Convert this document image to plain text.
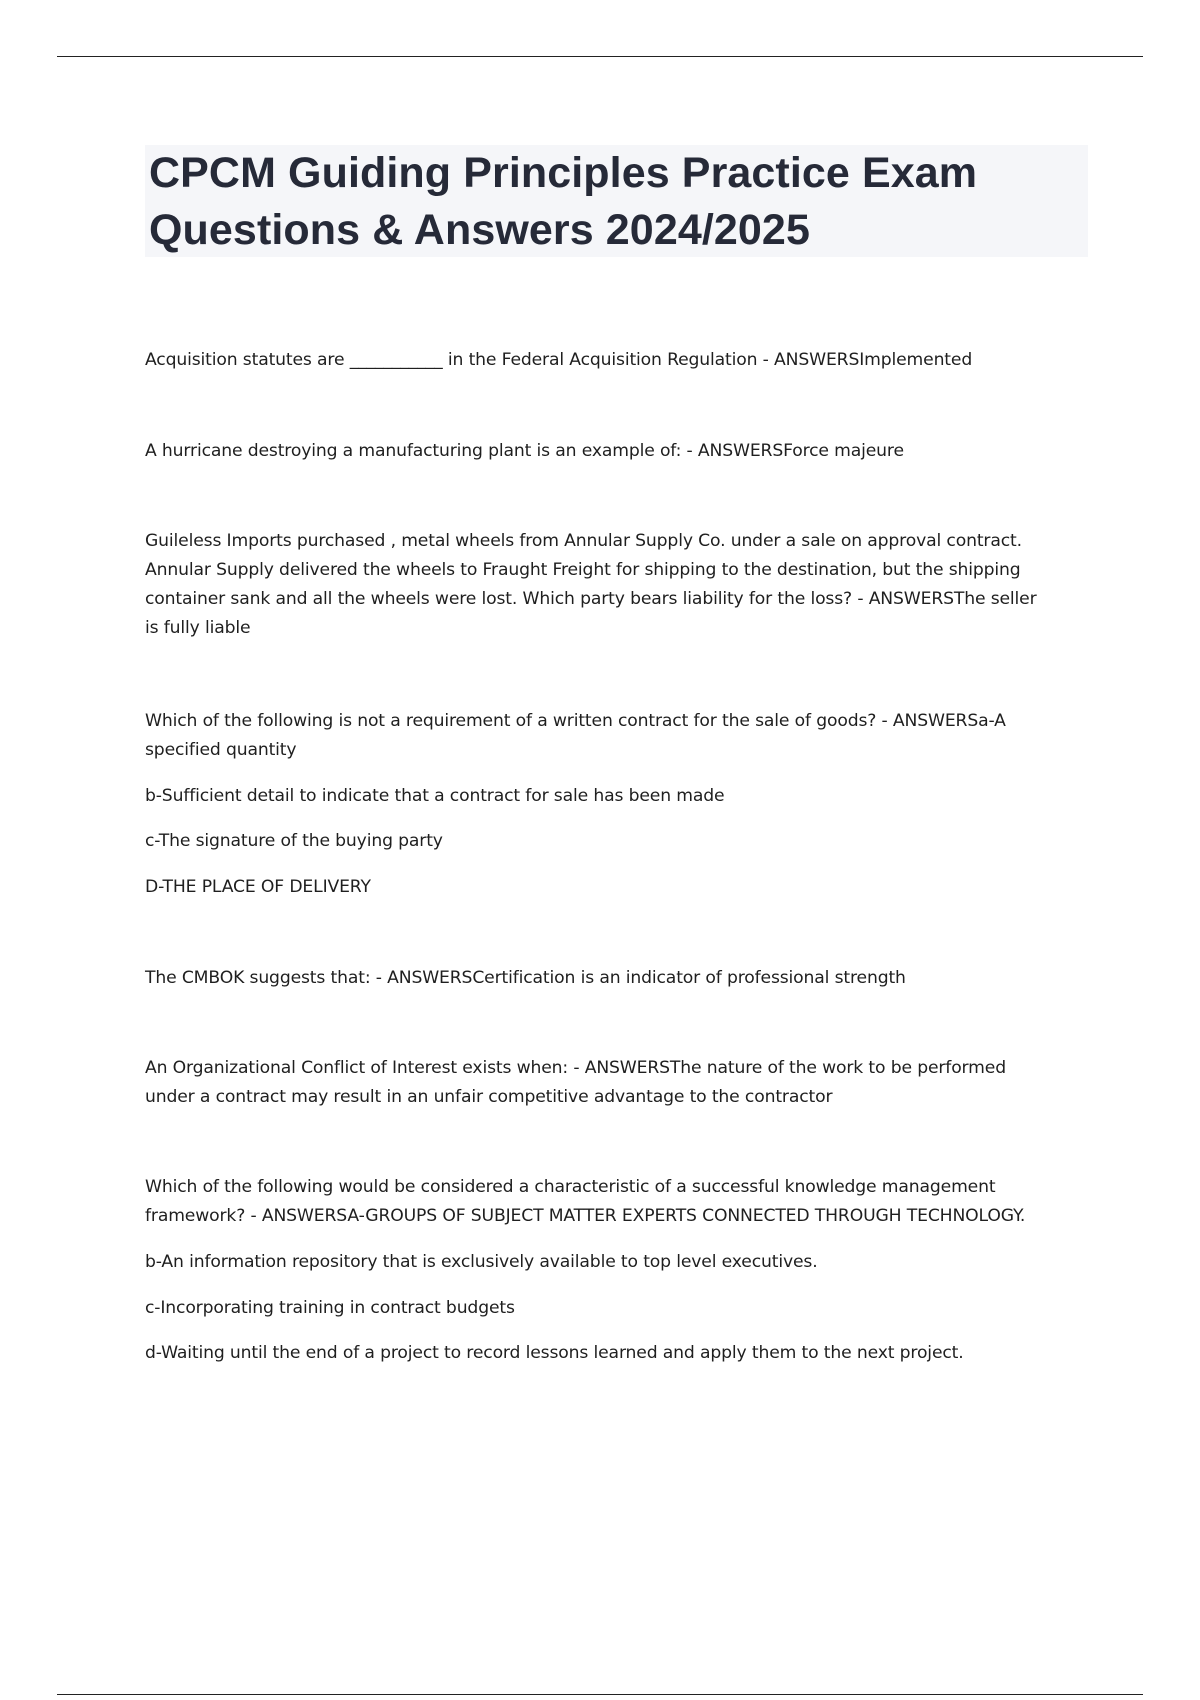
CPCM Guiding Principles Practice Exam
Questions & Answers 2024/2025
Acquisition statutes are ___________ in the Federal Acquisition Regulation - ANSWERSImplemented
A hurricane destroying a manufacturing plant is an example of: - ANSWERSForce majeure
Guileless Imports purchased , metal wheels from Annular Supply Co. under a sale on approval contract.
Annular Supply delivered the wheels to Fraught Freight for shipping to the destination, but the shipping
container sank and all the wheels were lost. Which party bears liability for the loss? - ANSWERSThe seller
is fully liable
Which of the following is not a requirement of a written contract for the sale of goods? - ANSWERSa-A
specified quantity
b-Sufficient detail to indicate that a contract for sale has been made
c-The signature of the buying party
D-THE PLACE OF DELIVERY
The CMBOK suggests that: - ANSWERSCertification is an indicator of professional strength
An Organizational Conflict of Interest exists when: - ANSWERSThe nature of the work to be performed
under a contract may result in an unfair competitive advantage to the contractor
Which of the following would be considered a characteristic of a successful knowledge management
framework? - ANSWERSA-GROUPS OF SUBJECT MATTER EXPERTS CONNECTED THROUGH TECHNOLOGY.
b-An information repository that is exclusively available to top level executives.
c-Incorporating training in contract budgets
d-Waiting until the end of a project to record lessons learned and apply them to the next project.
